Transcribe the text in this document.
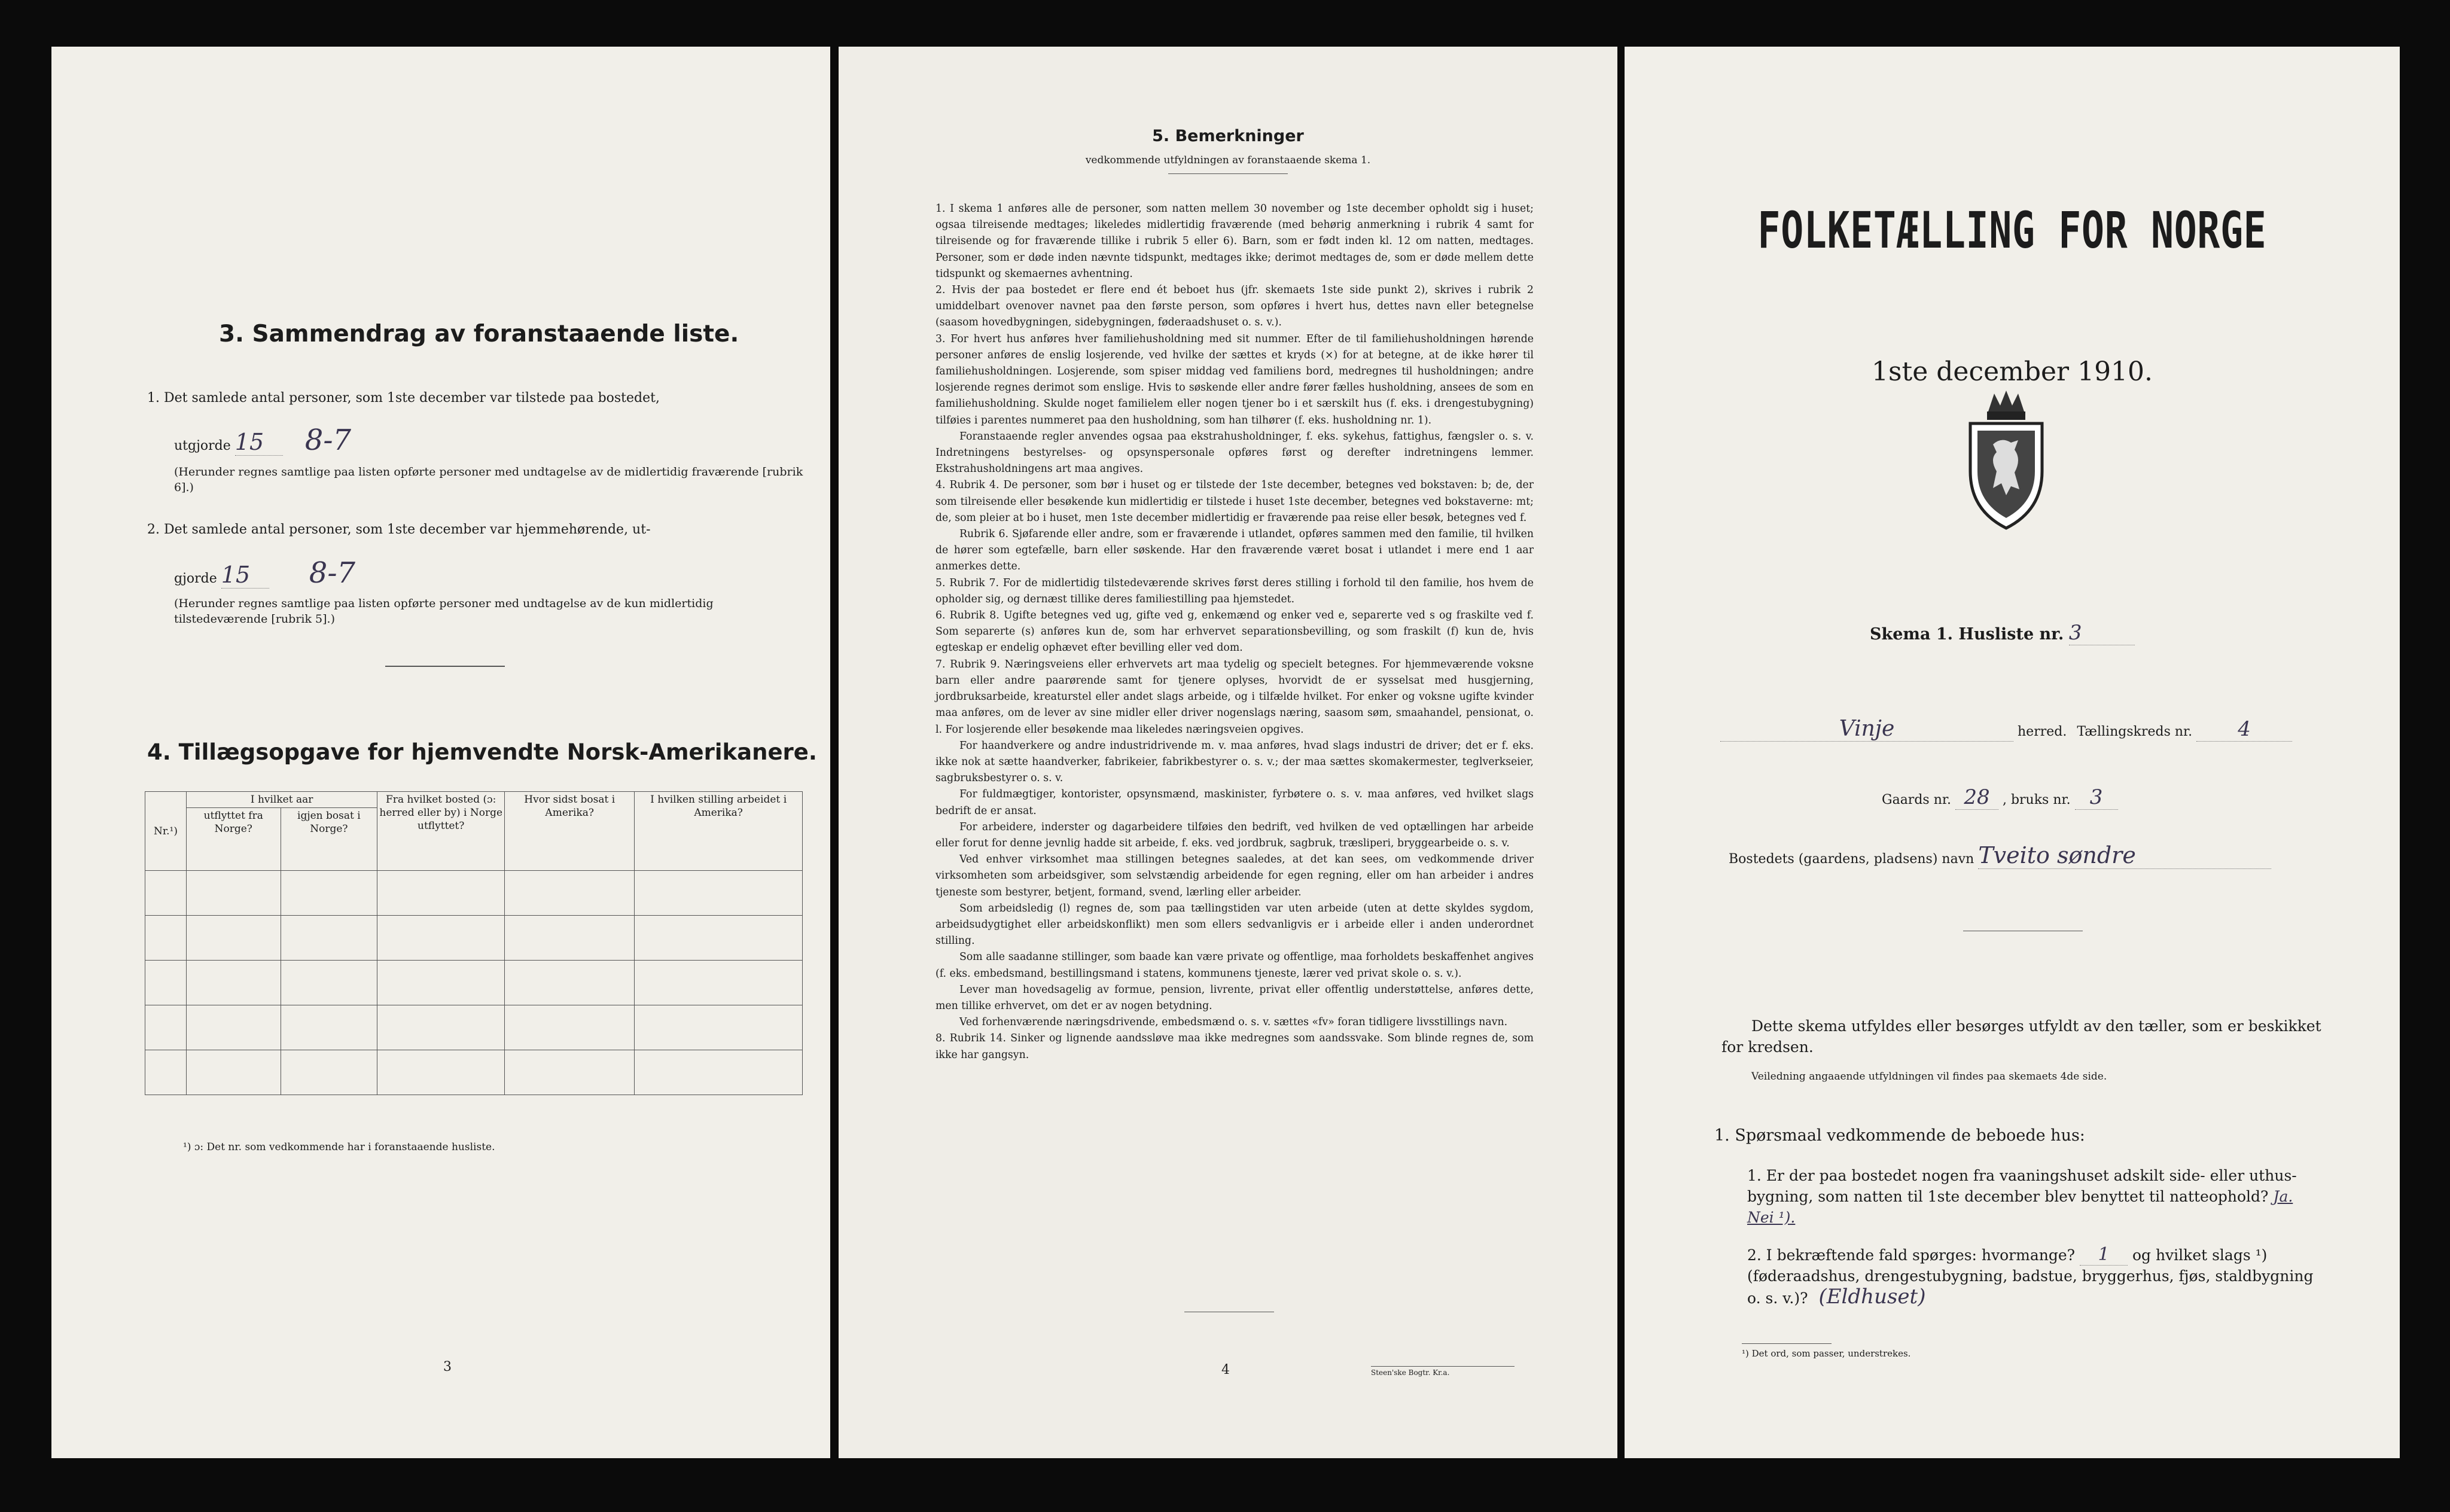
3. Sammendrag av foranstaaende liste.
1. Det samlede antal personer, som 1ste december var tilstede paa bostedet,
utgjorde 15 8-7
(Herunder regnes samtlige paa listen opførte personer med undtagelse av de midlertidig fraværende [rubrik 6].)
2. Det samlede antal personer, som 1ste december var hjemmehørende, ut-
gjorde 15 8-7
(Herunder regnes samtlige paa listen opførte personer med undtagelse av de kun midlertidig tilstedeværende [rubrik 5].)
4. Tillægsopgave for hjemvendte Norsk-Amerikanere.
Nr.¹)	I hvilket aar		Fra hvilket bosted (ɔ: herred eller by) i Norge utflyttet?	Hvor sidst bosat i Amerika?	I hvilken stilling arbeidet i Amerika?
	utflyttet fra Norge?	igjen bosat i Norge?			

¹) ɔ: Det nr. som vedkommende har i foranstaaende husliste.
3
5. Bemerkninger
vedkommende utfyldningen av foranstaaende skema 1.

1. I skema 1 anføres alle de personer, som natten mellem 30 november og 1ste december opholdt sig i huset; ogsaa tilreisende medtages; likeledes midlertidig fraværende (med behørig anmerkning i rubrik 4 samt for tilreisende og for fraværende tillike i rubrik 5 eller 6). Barn, som er født inden kl. 12 om natten, medtages. Personer, som er døde inden nævnte tidspunkt, medtages ikke; derimot medtages de, som er døde mellem dette tidspunkt og skemaernes avhentning.

2. Hvis der paa bostedet er flere end ét beboet hus (jfr. skemaets 1ste side punkt 2), skrives i rubrik 2 umiddelbart ovenover navnet paa den første person, som opføres i hvert hus, dettes navn eller betegnelse (saasom hovedbygningen, sidebygningen, føderaadshuset o. s. v.).

3. For hvert hus anføres hver familiehusholdning med sit nummer. Efter de til familiehusholdningen hørende personer anføres de enslig losjerende, ved hvilke der sættes et kryds (×) for at betegne, at de ikke hører til familiehusholdningen. Losjerende, som spiser middag ved familiens bord, medregnes til husholdningen; andre losjerende regnes derimot som enslige. Hvis to søskende eller andre fører fælles husholdning, ansees de som en familiehusholdning. Skulde noget familielem eller nogen tjener bo i et særskilt hus (f. eks. i drengestubygning) tilføies i parentes nummeret paa den husholdning, som han tilhører (f. eks. husholdning nr. 1).

Foranstaaende regler anvendes ogsaa paa ekstrahusholdninger, f. eks. sykehus, fattighus, fængsler o. s. v. Indretningens bestyrelses- og opsynspersonale opføres først og derefter indretningens lemmer. Ekstrahusholdningens art maa angives.

4. Rubrik 4. De personer, som bør i huset og er tilstede der 1ste december, betegnes ved bokstaven: b; de, der som tilreisende eller besøkende kun midlertidig er tilstede i huset 1ste december, betegnes ved bokstaverne: mt; de, som pleier at bo i huset, men 1ste december midlertidig er fraværende paa reise eller besøk, betegnes ved f.

Rubrik 6. Sjøfarende eller andre, som er fraværende i utlandet, opføres sammen med den familie, til hvilken de hører som egtefælle, barn eller søskende. Har den fraværende været bosat i utlandet i mere end 1 aar anmerkes dette.

5. Rubrik 7. For de midlertidig tilstedeværende skrives først deres stilling i forhold til den familie, hos hvem de opholder sig, og dernæst tillike deres familiestilling paa hjemstedet.

6. Rubrik 8. Ugifte betegnes ved ug, gifte ved g, enkemænd og enker ved e, separerte ved s og fraskilte ved f. Som separerte (s) anføres kun de, som har erhvervet separationsbevilling, og som fraskilt (f) kun de, hvis egteskap er endelig ophævet efter bevilling eller ved dom.

7. Rubrik 9. Næringsveiens eller erhvervets art maa tydelig og specielt betegnes. For hjemmeværende voksne barn eller andre paarørende samt for tjenere oplyses, hvorvidt de er sysselsat med husgjerning, jordbruksarbeide, kreaturstel eller andet slags arbeide, og i tilfælde hvilket. For enker og voksne ugifte kvinder maa anføres, om de lever av sine midler eller driver nogenslags næring, saasom søm, smaahandel, pensionat, o. l. For losjerende eller besøkende maa likeledes næringsveien opgives.

For haandverkere og andre industridrivende m. v. maa anføres, hvad slags industri de driver; det er f. eks. ikke nok at sætte haandverker, fabrikeier, fabrikbestyrer o. s. v.; der maa sættes skomakermester, teglverkseier, sagbruksbestyrer o. s. v.

For fuldmægtiger, kontorister, opsynsmænd, maskinister, fyrbøtere o. s. v. maa anføres, ved hvilket slags bedrift de er ansat.

For arbeidere, inderster og dagarbeidere tilføies den bedrift, ved hvilken de ved optællingen har arbeide eller forut for denne jevnlig hadde sit arbeide, f. eks. ved jordbruk, sagbruk, træsliperi, bryggearbeide o. s. v.

Ved enhver virksomhet maa stillingen betegnes saaledes, at det kan sees, om vedkommende driver virksomheten som arbeidsgiver, som selvstændig arbeidende for egen regning, eller om han arbeider i andres tjeneste som bestyrer, betjent, formand, svend, lærling eller arbeider.

Som arbeidsledig (l) regnes de, som paa tællingstiden var uten arbeide (uten at dette skyldes sygdom, arbeidsudygtighet eller arbeidskonflikt) men som ellers sedvanligvis er i arbeide eller i anden underordnet stilling.

Som alle saadanne stillinger, som baade kan være private og offentlige, maa forholdets beskaffenhet angives (f. eks. embedsmand, bestillingsmand i statens, kommunens tjeneste, lærer ved privat skole o. s. v.).

Lever man hovedsagelig av formue, pension, livrente, privat eller offentlig understøttelse, anføres dette, men tillike erhvervet, om det er av nogen betydning.

Ved forhenværende næringsdrivende, embedsmænd o. s. v. sættes «fv» foran tidligere livsstillings navn.

8. Rubrik 14. Sinker og lignende aandssløve maa ikke medregnes som aandssvake. Som blinde regnes de, som ikke har gangsyn.

4	Steen'ske Bogtr. Kr.a.
FOLKETÆLLING FOR NORGE
1ste december 1910.
Skema 1. Husliste nr. 3
Vinje	herred. Tællingskreds nr. 4
Gaards nr. 28 , bruks nr. 3
Bostedets (gaardens, pladsens) navn Tveito søndre
Dette skema utfyldes eller besørges utfyldt av den tæller, som er beskikket for kredsen.
Veiledning angaaende utfyldningen vil findes paa skemaets 4de side.
1. Spørsmaal vedkommende de beboede hus:
1. Er der paa bostedet nogen fra vaaningshuset adskilt side- eller uthus-bygning, som natten til 1ste december blev benyttet til natteophold? Ja. Nei ¹).
2. I bekræftende fald spørges: hvormange? 1 og hvilket slags ¹) (føderaadshus, drengestubygning, badstue, bryggerhus, fjøs, staldbygning o. s. v.)? (Eldhuset)
¹) Det ord, som passer, understrekes.
